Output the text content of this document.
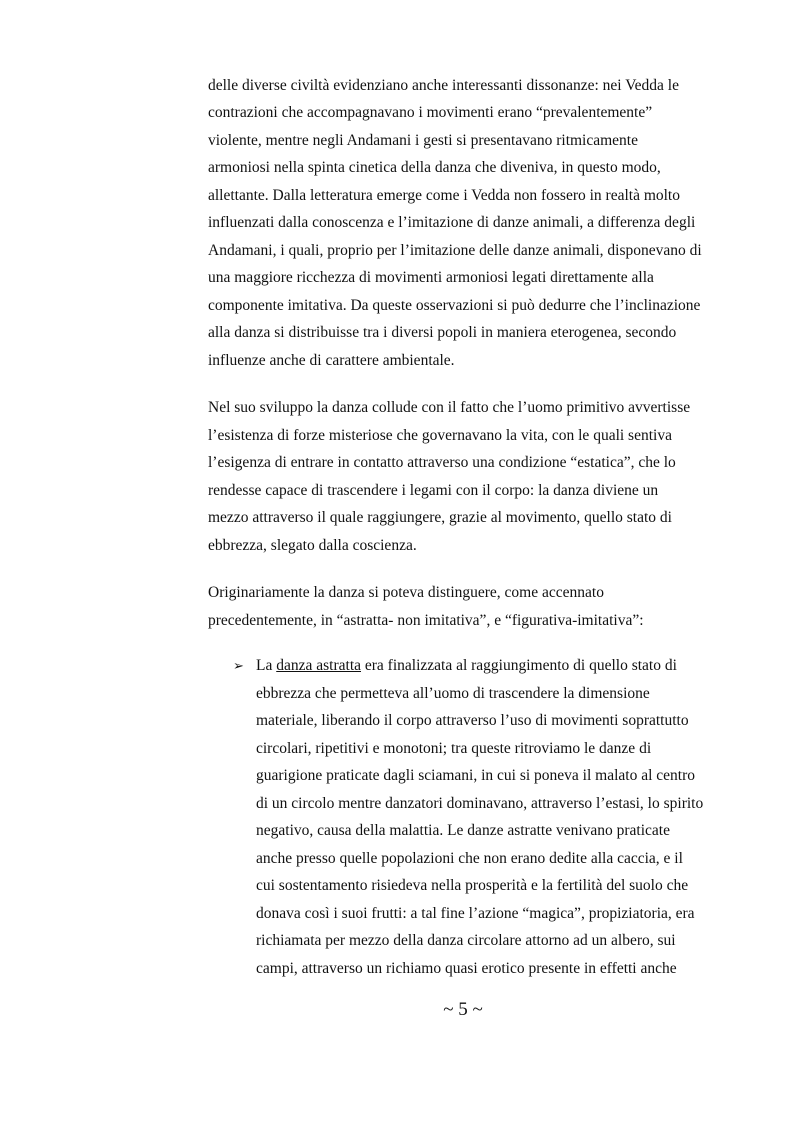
delle diverse civiltà evidenziano anche interessanti dissonanze: nei Vedda le
contrazioni che accompagnavano i movimenti erano “prevalentemente”
violente, mentre negli Andamani i gesti si presentavano ritmicamente
armoniosi nella spinta cinetica della danza che diveniva, in questo modo,
allettante. Dalla letteratura emerge come i Vedda non fossero in realtà molto
influenzati dalla conoscenza e l’imitazione di danze animali, a differenza degli
Andamani, i quali, proprio per l’imitazione delle danze animali, disponevano di
una maggiore ricchezza di movimenti armoniosi legati direttamente alla
componente imitativa. Da queste osservazioni si può dedurre che l’inclinazione
alla danza si distribuisse tra i diversi popoli in maniera eterogenea, secondo
influenze anche di carattere ambientale.
Nel suo sviluppo la danza collude con il fatto che l’uomo primitivo avvertisse
l’esistenza di forze misteriose che governavano la vita, con le quali sentiva
l’esigenza di entrare in contatto attraverso una condizione “estatica”, che lo
rendesse capace di trascendere i legami con il corpo: la danza diviene un
mezzo attraverso il quale raggiungere, grazie al movimento, quello stato di
ebbrezza, slegato dalla coscienza.
Originariamente la danza si poteva distinguere, come accennato
precedentemente, in “astratta- non imitativa”, e “figurativa-imitativa”:
➢ La danza astratta era finalizzata al raggiungimento di quello stato di
ebbrezza che permetteva all’uomo di trascendere la dimensione
materiale, liberando il corpo attraverso l’uso di movimenti soprattutto
circolari, ripetitivi e monotoni; tra queste ritroviamo le danze di
guarigione praticate dagli sciamani, in cui si poneva il malato al centro
di un circolo mentre danzatori dominavano, attraverso l’estasi, lo spirito
negativo, causa della malattia. Le danze astratte venivano praticate
anche presso quelle popolazioni che non erano dedite alla caccia, e il
cui sostentamento risiedeva nella prosperità e la fertilità del suolo che
donava così i suoi frutti: a tal fine l’azione “magica”, propiziatoria, era
richiamata per mezzo della danza circolare attorno ad un albero, sui
campi, attraverso un richiamo quasi erotico presente in effetti anche
~ 5 ~
